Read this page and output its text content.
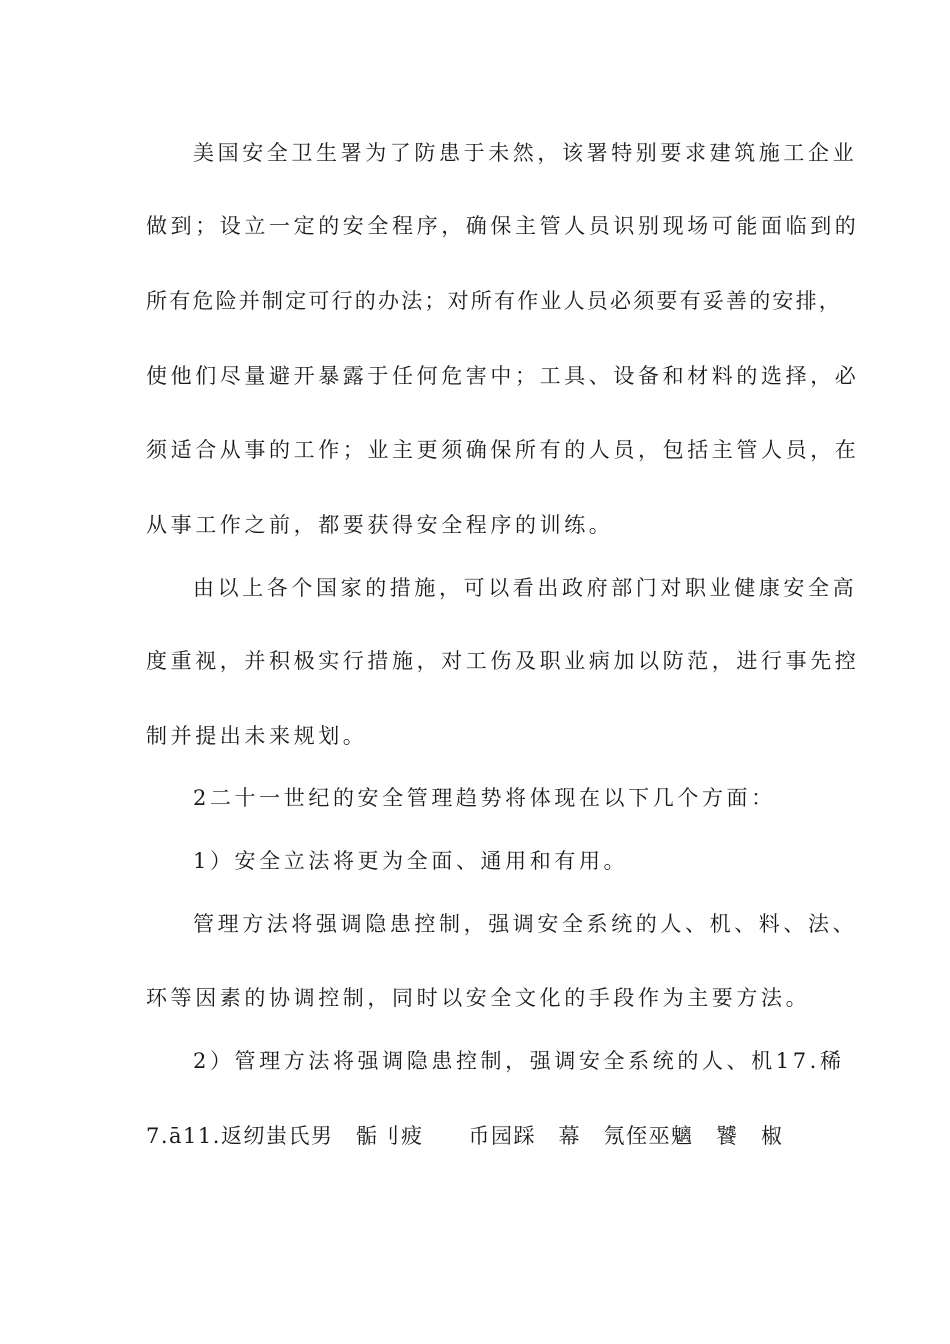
美国安全卫生署为了防患于未然，该署特别要求建筑施工企业
做到；设立一定的安全程序，确保主管人员识别现场可能面临到的
所有危险并制定可行的办法；对所有作业人员必须要有妥善的安排，
使他们尽量避开暴露于任何危害中；工具、设备和材料的选择，必
须适合从事的工作；业主更须确保所有的人员，包括主管人员，在
从事工作之前，都要获得安全程序的训练。
由以上各个国家的措施，可以看出政府部门对职业健康安全高
度重视，并积极实行措施，对工伤及职业病加以防范，进行事先控
制并提出未来规划。
2二十一世纪的安全管理趋势将体现在以下几个方面：
1）安全立法将更为全面、通用和有用。
管理方法将强调隐患控制，强调安全系统的人、机、料、法、
环等因素的协调控制，同时以安全文化的手段作为主要方法。
2）管理方法将强调隐患控制，强调安全系统的人、机17.稀
7.ā11.返纫蚩氏男　骺刂疲　　币园踩　幕　氖侄巫魑　饕　椒
